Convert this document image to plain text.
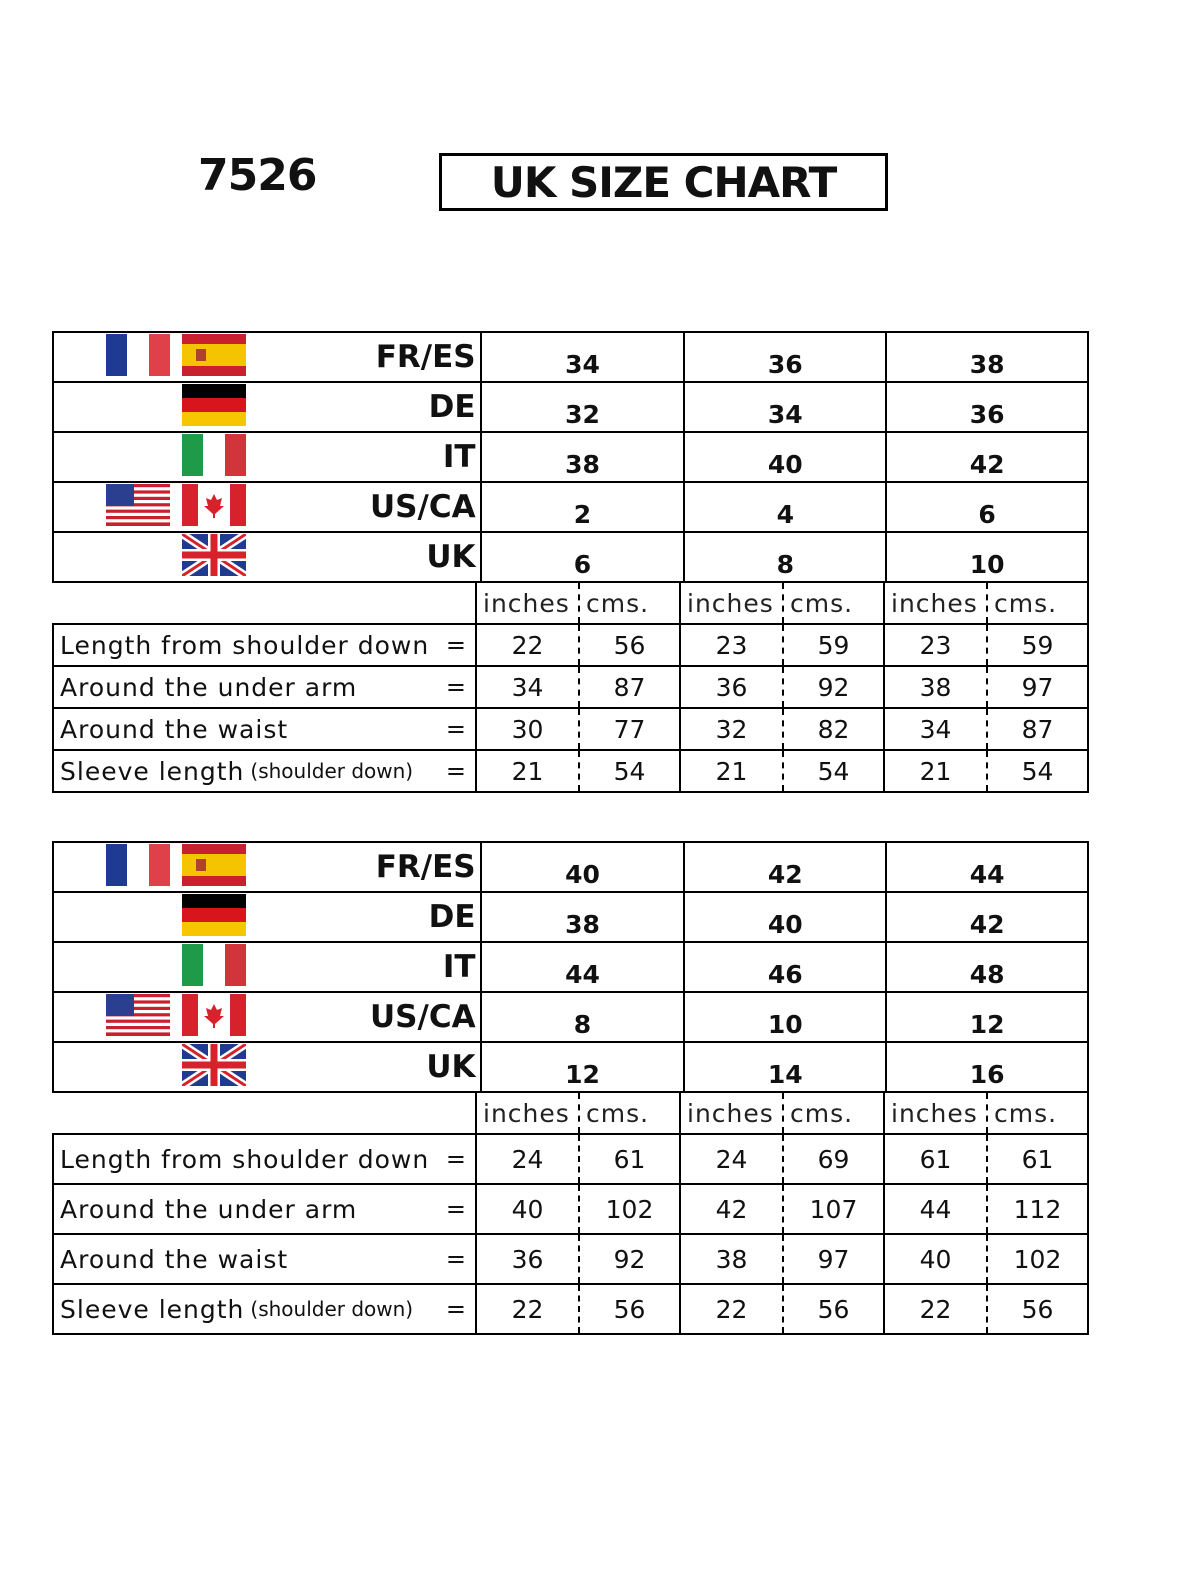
7526	UK SIZE CHART
FR/ES	34	36	38
DE	32	34	36
IT	38	40	42
US/CA	2	4	6
UK	6	8	10
inches cms.	inches cms.	inches cms.
Length from shoulder down =	22	56	23	59	23	59
Around the under arm	=	34	87	36	92	38	97
Around the waist	=	30	77	32	82	34	87
Sleeve length (shoulder down) =	21	54	21	54	21	54
FR/ES	40	42	44
DE	38	40	42
IT	44	46	48
US/CA	8	10	12
UK	12	14	16
inches cms.	inches cms.	inches cms.
Length from shoulder down =	24	61	24	69	61	61
Around the under arm	=	40	102	42	107	44	112
Around the waist	=	36	92	38	97	40	102
Sleeve length (shoulder down) =	22	56	22	56	22	56
